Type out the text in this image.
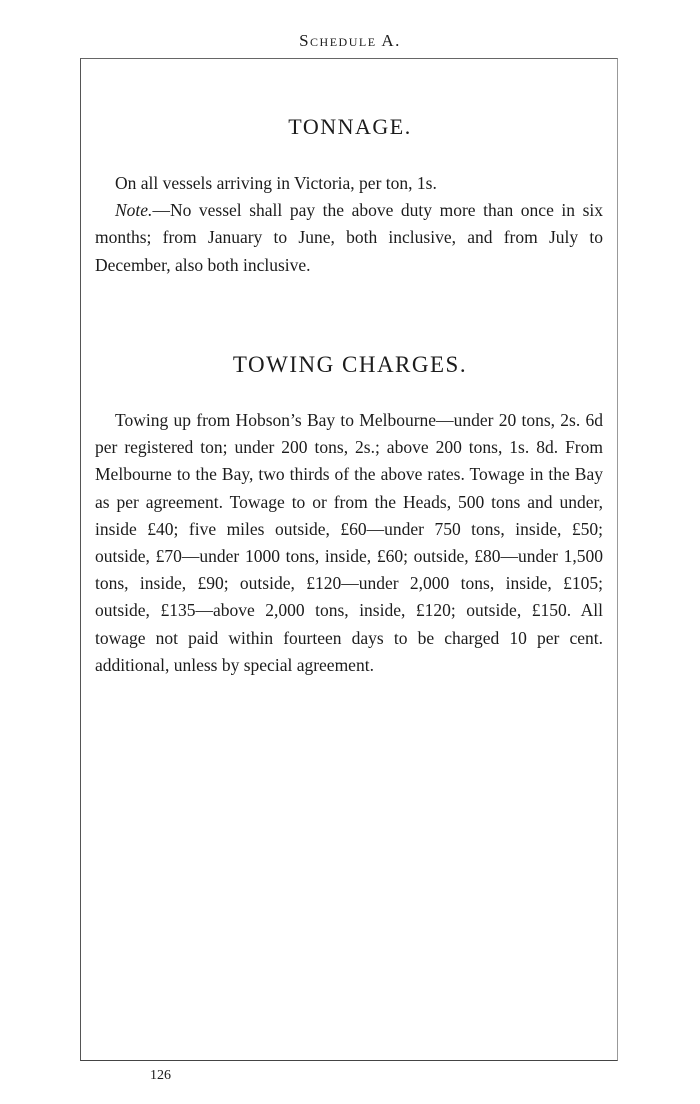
Schedule A.
TONNAGE.
On all vessels arriving in Victoria, per ton, 1s.
Note.—No vessel shall pay the above duty more than once in six months; from January to June, both inclusive, and from July to December, also both inclusive.
TOWING CHARGES.
Towing up from Hobson’s Bay to Melbourne—under 20 tons, 2s. 6d per registered ton; under 200 tons, 2s.; above 200 tons, 1s. 8d. From Melbourne to the Bay, two thirds of the above rates. Towage in the Bay as per agreement. Towage to or from the Heads, 500 tons and under, inside £40; five miles outside, £60—under 750 tons, inside, £50; outside, £70—under 1000 tons, inside, £60; outside, £80—under 1,500 tons, inside, £90; outside, £120—under 2,000 tons, inside, £105; outside, £135—above 2,000 tons, inside, £120; outside, £150. All towage not paid within fourteen days to be charged 10 per cent. additional, unless by special agreement.
126
